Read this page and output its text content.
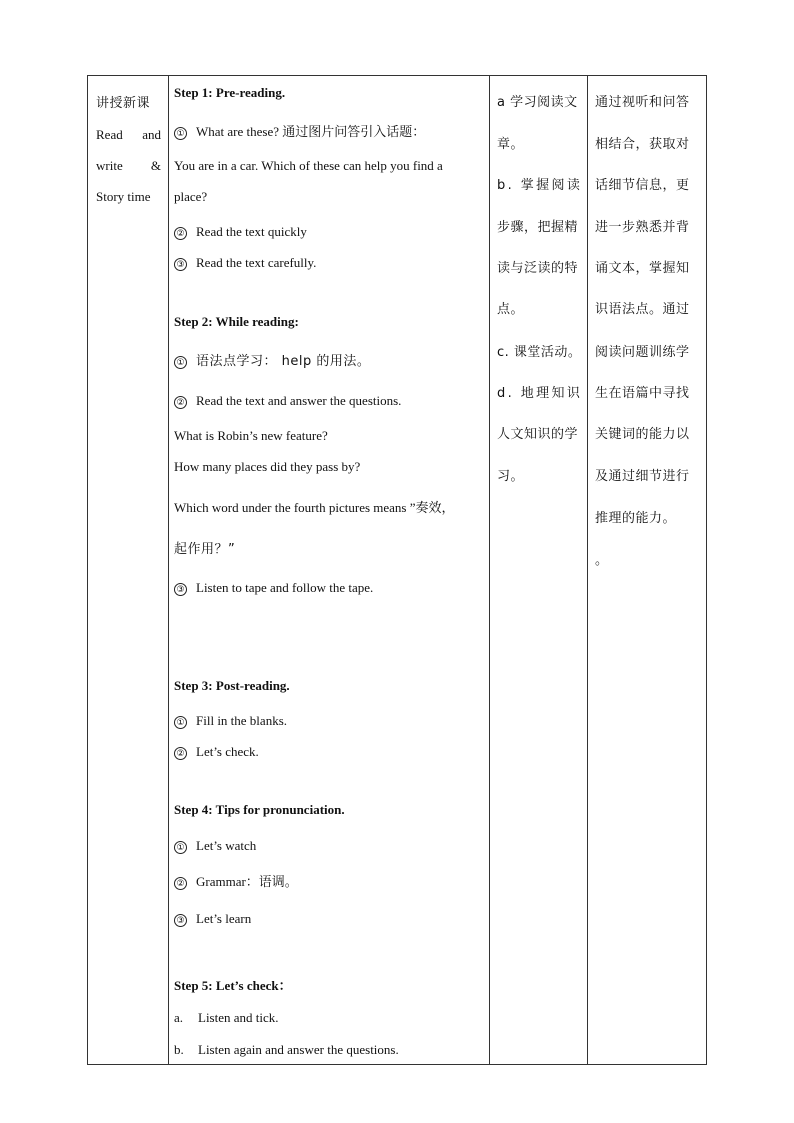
讲授新课
Read and
write &
Story time
Step 1: Pre-reading.
① What are these? 通过图片问答引入话题：
You are in a car. Which of these can help you find a
place?
② Read the text quickly
③ Read the text carefully.
Step 2: While reading:
① 语法点学习： help 的用法。
② Read the text and answer the questions.
What is Robin’s new feature?
How many places did they pass by?
Which word under the fourth pictures means ”奏效，
起作用？”
③ Listen to tape and follow the tape.
Step 3: Post-reading.
① Fill in the blanks.
② Let’s check.
Step 4: Tips for pronunciation.
① Let’s watch
② Grammar：语调。
③ Let’s learn
Step 5: Let’s check：
a. Listen and tick.
b. Listen again and answer the questions.
a 学习阅读文
章。
b. 掌握阅读
步骤，把握精
读与泛读的特
点。
c. 课堂活动。
d. 地理知识
人文知识的学
习。
通过视听和问答
相结合，获取对
话细节信息，更
进一步熟悉并背
诵文本，掌握知
识语法点。通过
阅读问题训练学
生在语篇中寻找
关键词的能力以
及通过细节进行
推理的能力。
。
